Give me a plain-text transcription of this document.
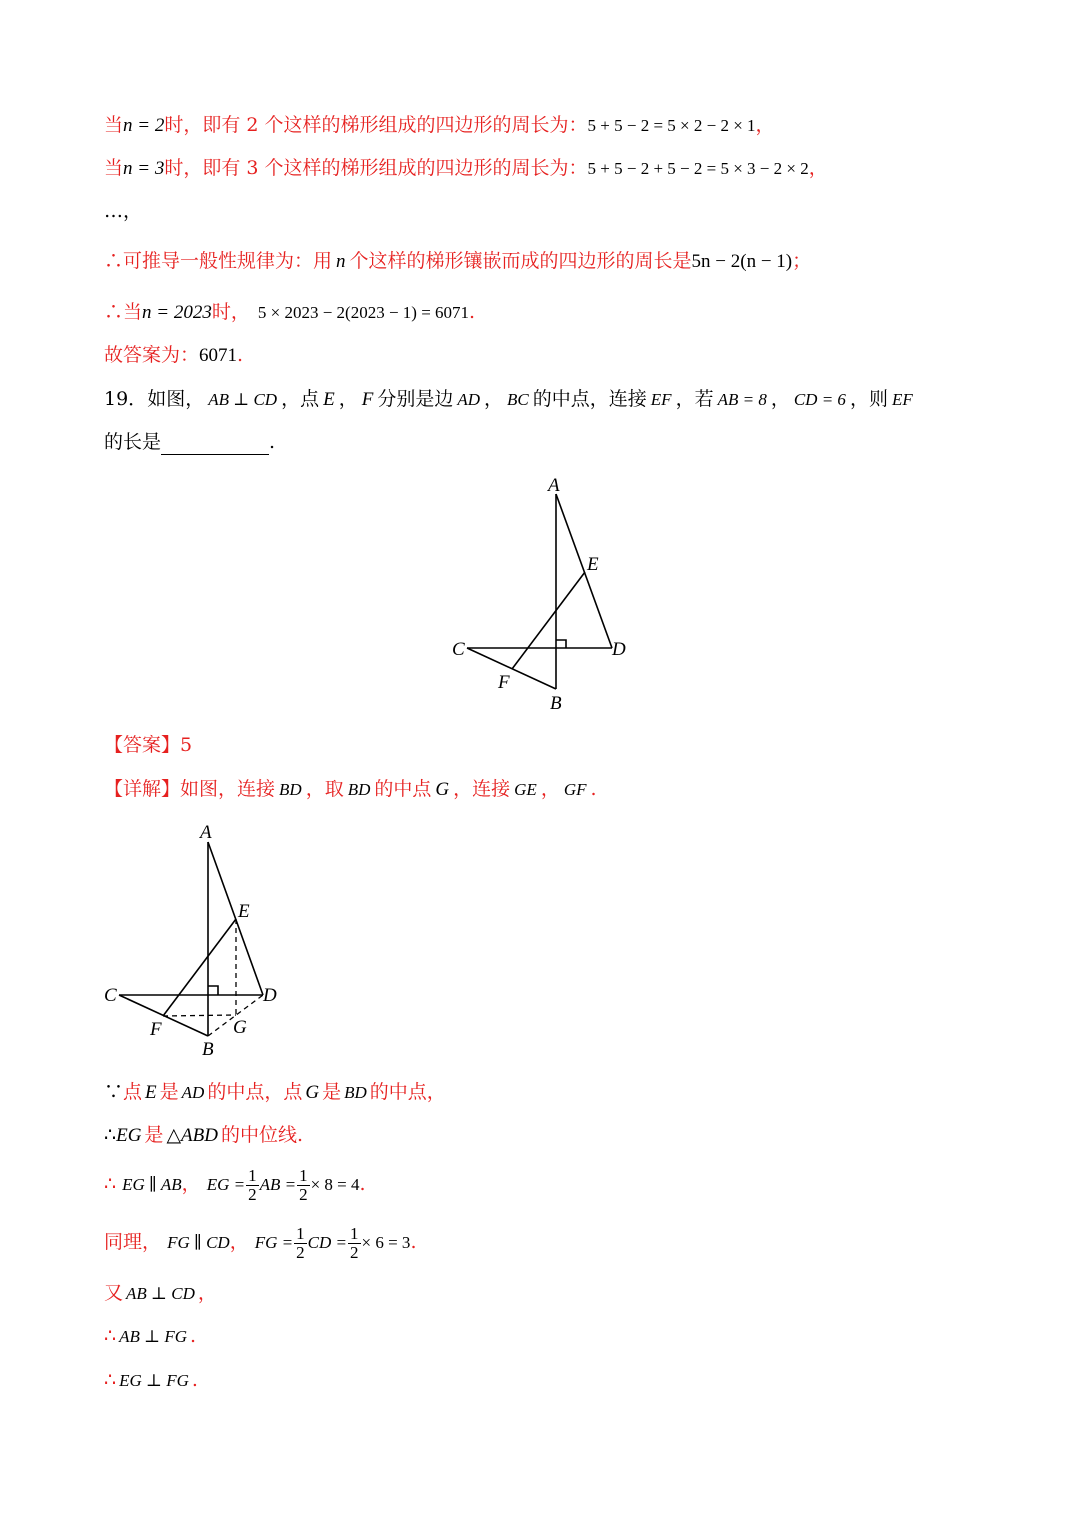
当n = 2时，即有 2 个这样的梯形组成的四边形的周长为：5 + 5 − 2 = 5 × 2 − 2 × 1，
当n = 3时，即有 3 个这样的梯形组成的四边形的周长为：5 + 5 − 2 + 5 − 2 = 5 × 3 − 2 × 2，
…，
∴可推导一般性规律为：用 n 个这样的梯形镶嵌而成的四边形的周长是5n − 2(n − 1)；
∴当n = 2023时， 5 × 2023 − 2(2023 − 1) = 6071.
故答案为：6071.
19．如图， AB ⊥ CD ，点 E ， F 分别是边 AD ， BC 的中点，连接 EF ，若 AB = 8 ， CD = 6 ，则 EF
的长是	.
A
E
C	D
F
B
【答案】5
【详解】如图，连接 BD ，取 BD 的中点 G ，连接 GE ， GF .
A
E
C	D
F	G
B
∵点 E 是 AD 的中点，点 G 是 BD 的中点，
∴EG 是 △ABD 的中位线.
∴ EG ∥ AB， EG = $\frac{1}{2}$ AB = $\frac{1}{2} \times 8 = 4$.
同理， FG ∥ CD， FG = $\frac{1}{2}$ CD = $\frac{1}{2} \times 6 = 3$.
又 AB ⊥ CD ，
∴ AB ⊥ FG .
∴ EG ⊥ FG .
